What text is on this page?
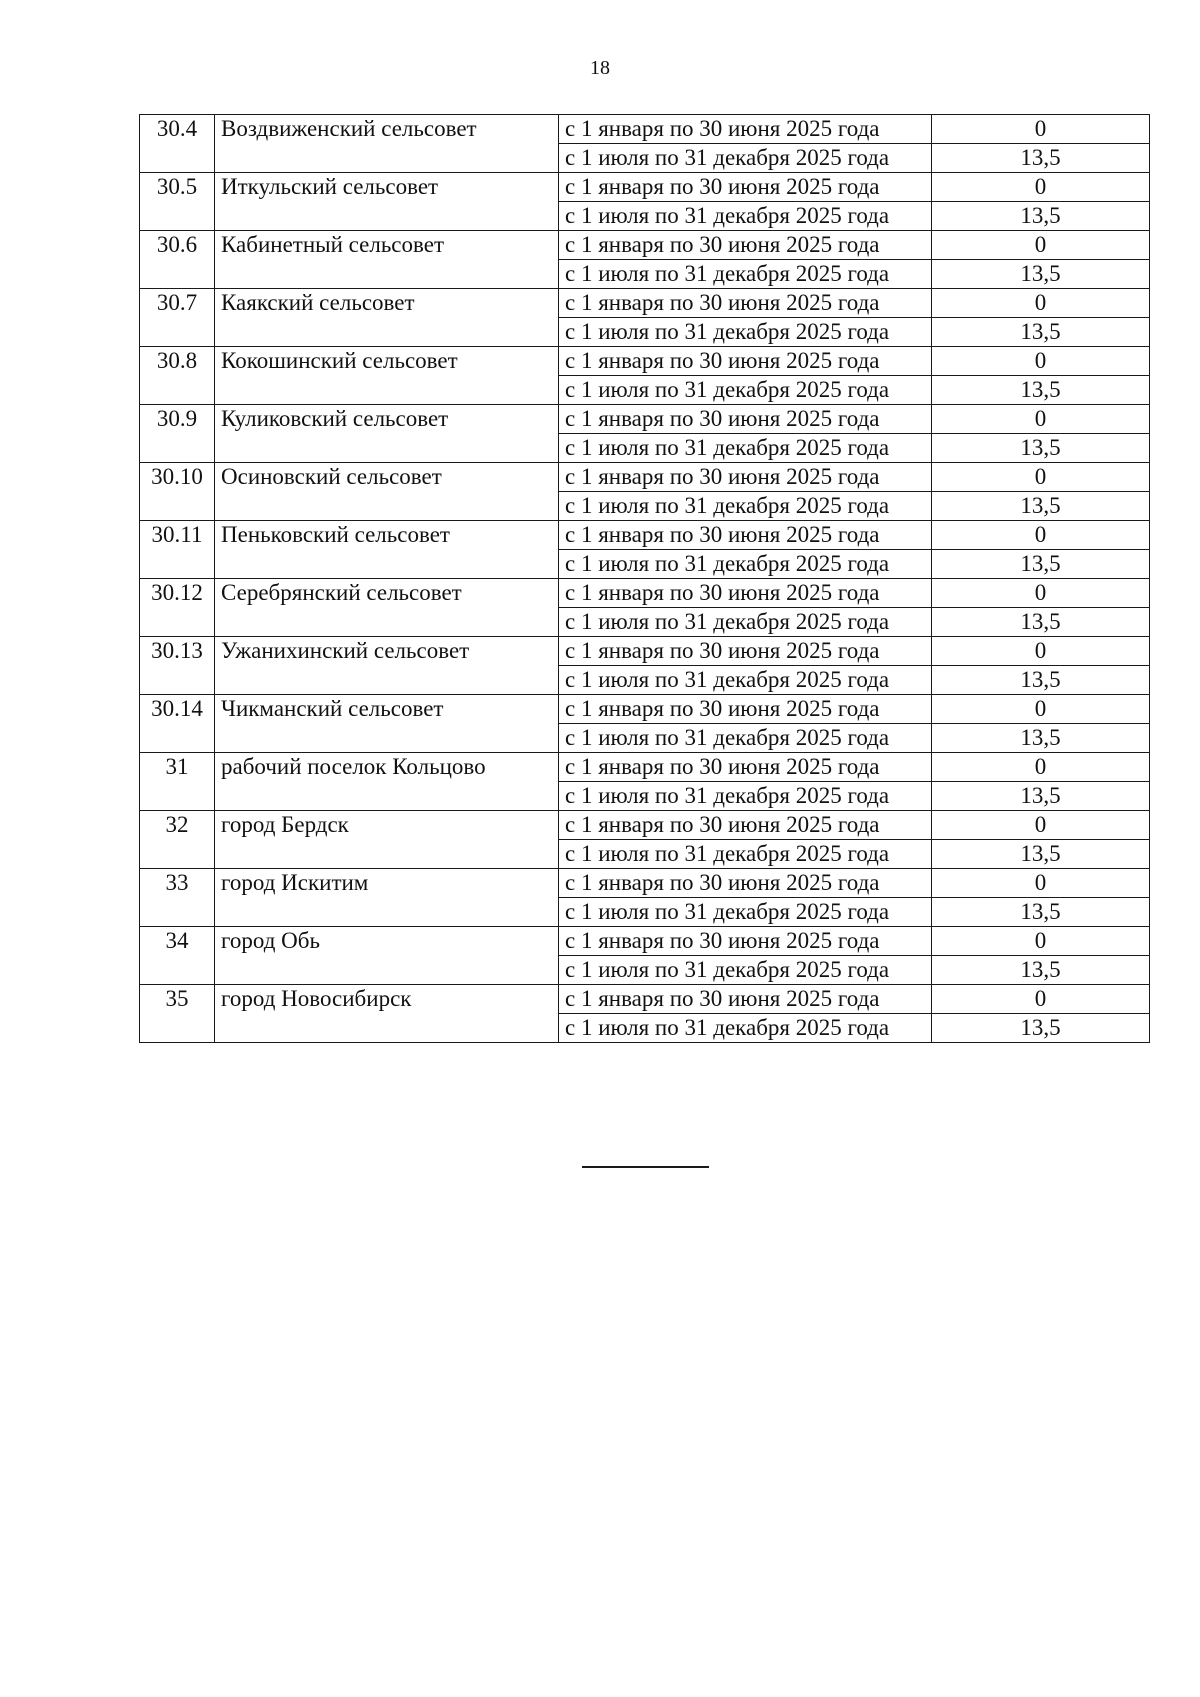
18
30.4	Воздвиженский сельсовет	с 1 января по 30 июня 2025 года	0
		с 1 июля по 31 декабря 2025 года	13,5
30.5	Иткульский сельсовет	с 1 января по 30 июня 2025 года	0
		с 1 июля по 31 декабря 2025 года	13,5
30.6	Кабинетный сельсовет	с 1 января по 30 июня 2025 года	0
		с 1 июля по 31 декабря 2025 года	13,5
30.7	Каякский сельсовет	с 1 января по 30 июня 2025 года	0
		с 1 июля по 31 декабря 2025 года	13,5
30.8	Кокошинский сельсовет	с 1 января по 30 июня 2025 года	0
		с 1 июля по 31 декабря 2025 года	13,5
30.9	Куликовский сельсовет	с 1 января по 30 июня 2025 года	0
		с 1 июля по 31 декабря 2025 года	13,5
30.10	Осиновский сельсовет	с 1 января по 30 июня 2025 года	0
		с 1 июля по 31 декабря 2025 года	13,5
30.11	Пеньковский сельсовет	с 1 января по 30 июня 2025 года	0
		с 1 июля по 31 декабря 2025 года	13,5
30.12	Серебрянский сельсовет	с 1 января по 30 июня 2025 года	0
		с 1 июля по 31 декабря 2025 года	13,5
30.13	Ужанихинский сельсовет	с 1 января по 30 июня 2025 года	0
		с 1 июля по 31 декабря 2025 года	13,5
30.14	Чикманский сельсовет	с 1 января по 30 июня 2025 года	0
		с 1 июля по 31 декабря 2025 года	13,5
31	рабочий поселок Кольцово	с 1 января по 30 июня 2025 года	0
		с 1 июля по 31 декабря 2025 года	13,5
32	город Бердск	с 1 января по 30 июня 2025 года	0
		с 1 июля по 31 декабря 2025 года	13,5
33	город Искитим	с 1 января по 30 июня 2025 года	0
		с 1 июля по 31 декабря 2025 года	13,5
34	город Обь	с 1 января по 30 июня 2025 года	0
		с 1 июля по 31 декабря 2025 года	13,5
35	город Новосибирск	с 1 января по 30 июня 2025 года	0
		с 1 июля по 31 декабря 2025 года	13,5
